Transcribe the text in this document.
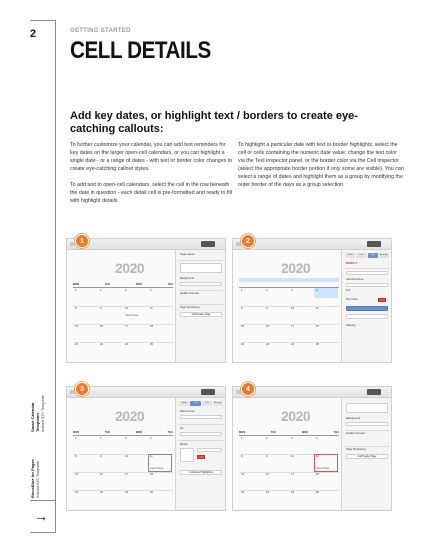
2
Smart Calendar Templates Instant iOS Template
BlocsBlue for Pages Instant iOS Template
→
GETTING STARTED
CELL DETAILS
Add key dates, or highlight text / borders to create eye-catching callouts:

To further customize your calendar, you can add text reminders for key dates on the larger open-cell calendars, or you can highlight a single date - or a range of dates - with text or border color changes to create eye-catching callout styles.

To add text to open-cell calendars, select the cell in the row beneath the date in question - each detail cell is pre-formatted and ready to fill with highlight details.

To highlight a particular date with text or border highlights, select the cell or cells containing the numeric date value; change the text color via the Text inspector panel, or the border color via the Cell inspector (select the appropriate border portion if only some are visible). You can select a range of dates and highlight them as a group by modifying the outer border of the days as a group selection.

2020
MON	TUE	WED	THU
1	2	3	4
8	9	10	11
Open House
15	16	17	18
22	23	24	25
Page Layout
Background
Header & Footer
Page Numbering
Add Header Page
1
2020
1	2	3	4
8	9	10	11
15	16	17	18
22	23	24	25
Table	Cell	Text	Arrange
DIRECT
Helvetica Neue
8 pt
Text Color
Spacing
2
2020
MON	TUE	WED	THU
1	2	3	4
8	9	10	11
Open House
15	16	17	18
22	23	24	25
Table	Cell	Text	Arrange
Data Format
Fill
Border
Conditional Highlighting
3
2020
MON	TUE	WED	THU
1	2	3	4
8	9	10	11
Open House
15	16	17	18
22	23	24	25
Background
Header & Footer
Page Numbering
Add Header Page
4
